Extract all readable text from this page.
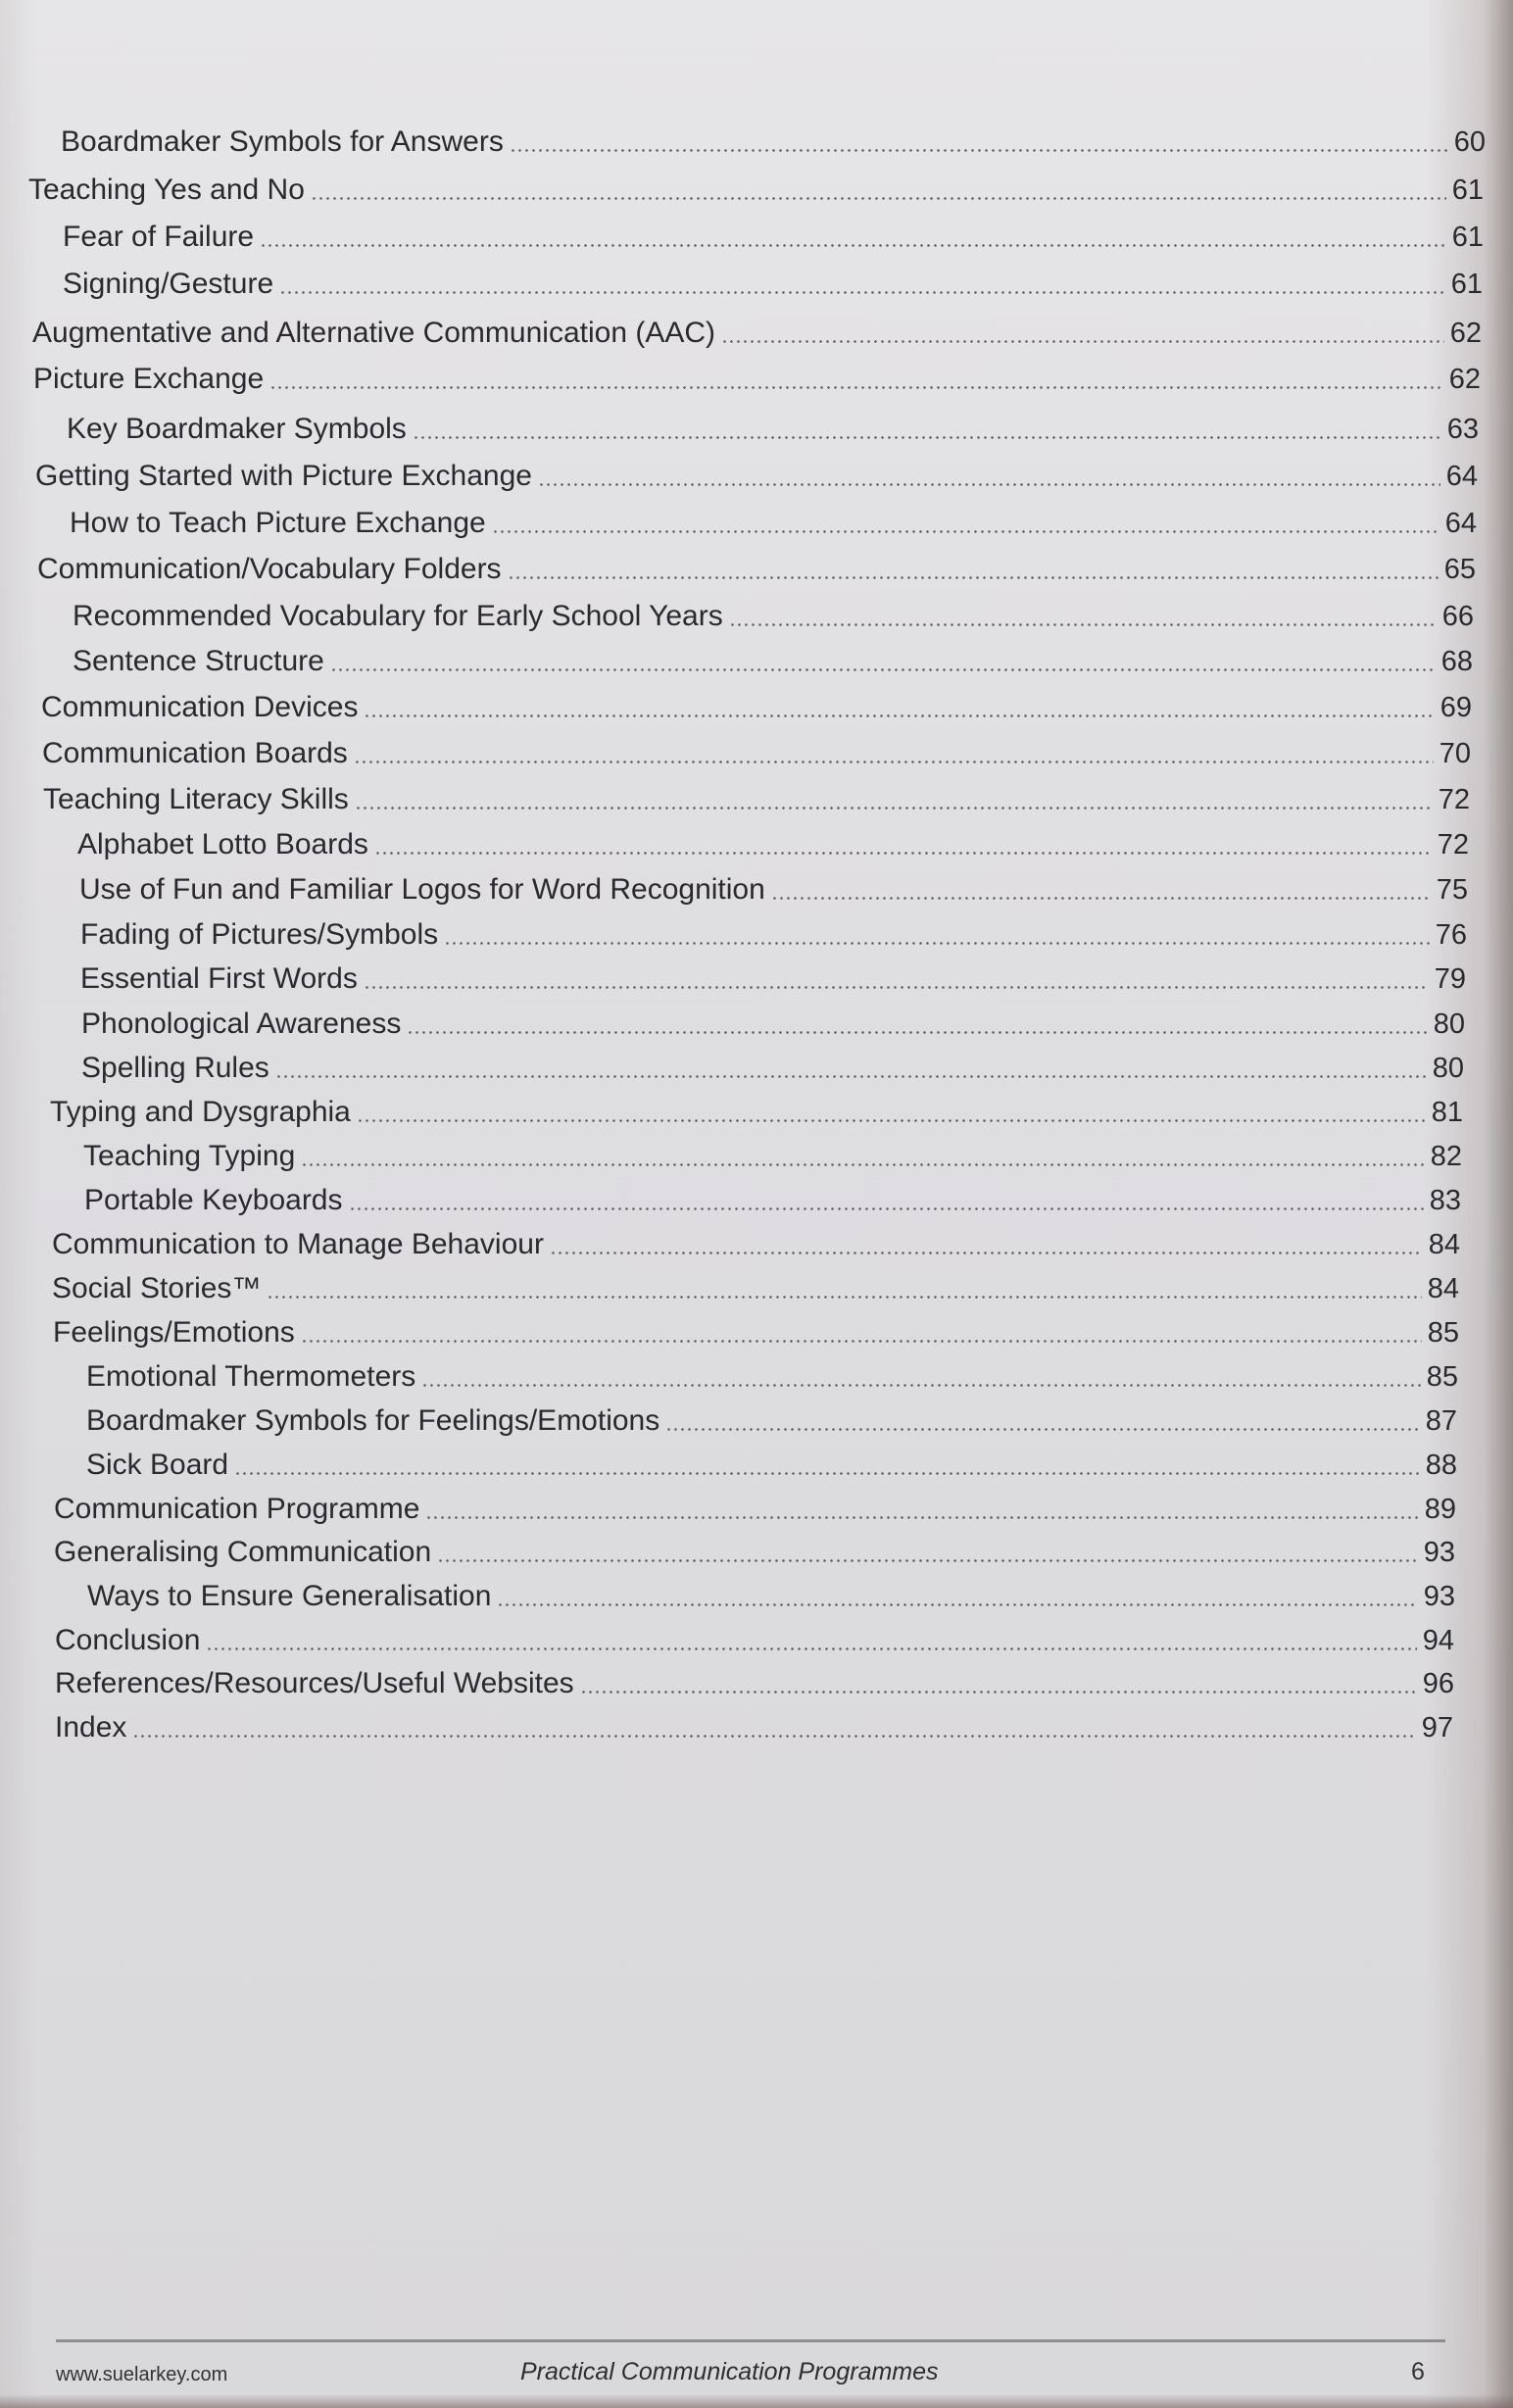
Boardmaker Symbols for Answers	60
Teaching Yes and No	61
Fear of Failure	61
Signing/Gesture	61
Augmentative and Alternative Communication (AAC)	62
Picture Exchange	62
Key Boardmaker Symbols	63
Getting Started with Picture Exchange	64
How to Teach Picture Exchange	64
Communication/Vocabulary Folders	65
Recommended Vocabulary for Early School Years	66
Sentence Structure	68
Communication Devices	69
Communication Boards	70
Teaching Literacy Skills	72
Alphabet Lotto Boards	72
Use of Fun and Familiar Logos for Word Recognition	75
Fading of Pictures/Symbols	76
Essential First Words	79
Phonological Awareness	80
Spelling Rules	80
Typing and Dysgraphia	81
Teaching Typing	82
Portable Keyboards	83
Communication to Manage Behaviour	84
Social Stories™	84
Feelings/Emotions	85
Emotional Thermometers	85
Boardmaker Symbols for Feelings/Emotions	87
Sick Board	88
Communication Programme	89
Generalising Communication	93
Ways to Ensure Generalisation	93
Conclusion	94
References/Resources/Useful Websites	96
Index	97
www.suelarkey.com	Practical Communication Programmes	6
